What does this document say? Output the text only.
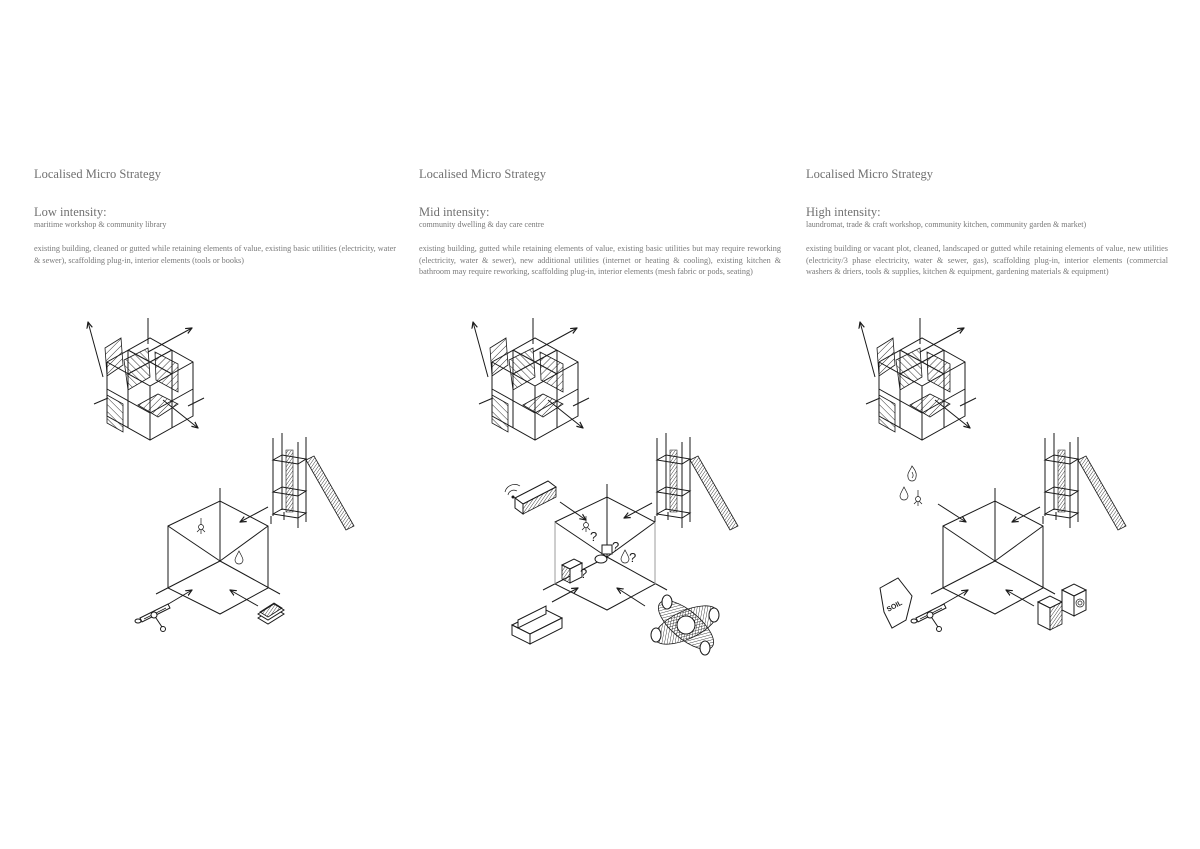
Localised Micro Strategy
Low intensity:
maritime workshop & community library
existing building, cleaned or gutted while retaining elements of value, existing basic utilities (electricity, water & sewer), scaffolding plug-in, interior elements (tools or books)
Localised Micro Strategy
Mid intensity:
community dwelling & day care centre
existing building, gutted while retaining elements of value, existing basic utilities but may require reworking (electricity, water & sewer), new additional utilities (internet or heating & cooling), existing kitchen & bathroom may require reworking, scaffolding plug-in, interior elements (mesh fabric or pods, seating)
Localised Micro Strategy
High intensity:
laundromat, trade & craft workshop, community kitchen, community garden & market)
existing building or vacant plot, cleaned, landscaped or gutted while retaining elements of value, new utilities (electricity/3 phase electricity, water & sewer, gas), scaffolding plug-in, interior elements (commercial washers & driers, tools & supplies, kitchen & equipment, gardening materials & equipment)
?
?
?
?
SOIL
